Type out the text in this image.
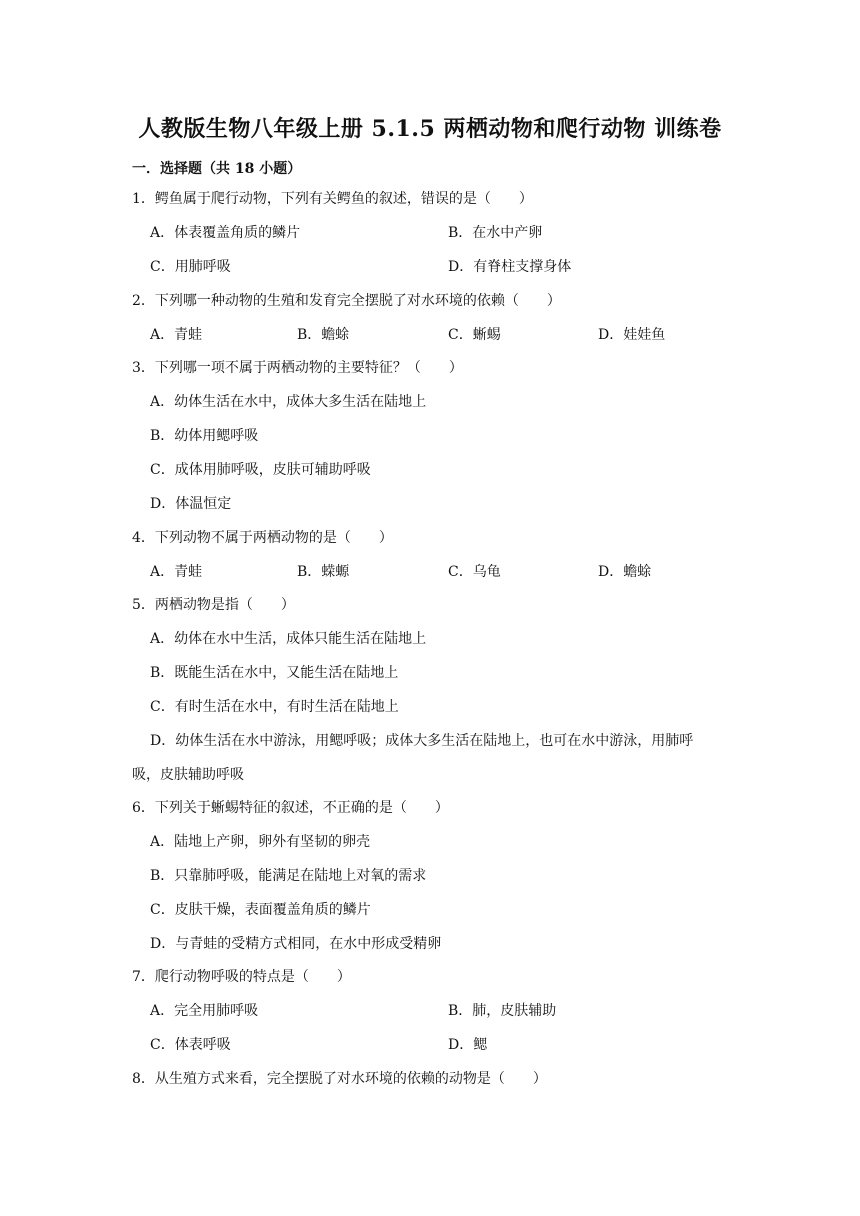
人教版生物八年级上册 5.1.5 两栖动物和爬行动物 训练卷
一．选择题（共 18 小题）
1．鳄鱼属于爬行动物，下列有关鳄鱼的叙述，错误的是（　　）
A．体表覆盖角质的鳞片	B．在水中产卵
C．用肺呼吸	D．有脊柱支撑身体
2．下列哪一种动物的生殖和发育完全摆脱了对水环境的依赖（　　）
A．青蛙	B．蟾蜍	C．蜥蜴	D．娃娃鱼
3．下列哪一项不属于两栖动物的主要特征？（　　）
A．幼体生活在水中，成体大多生活在陆地上
B．幼体用鳃呼吸
C．成体用肺呼吸，皮肤可辅助呼吸
D．体温恒定
4．下列动物不属于两栖动物的是（　　）
A．青蛙	B．蝾螈	C．乌龟	D．蟾蜍
5．两栖动物是指（　　）
A．幼体在水中生活，成体只能生活在陆地上
B．既能生活在水中，又能生活在陆地上
C．有时生活在水中，有时生活在陆地上
D．幼体生活在水中游泳，用鳃呼吸；成体大多生活在陆地上，也可在水中游泳，用肺呼
吸，皮肤辅助呼吸
6．下列关于蜥蜴特征的叙述，不正确的是（　　）
A．陆地上产卵，卵外有坚韧的卵壳
B．只靠肺呼吸，能满足在陆地上对氧的需求
C．皮肤干燥，表面覆盖角质的鳞片
D．与青蛙的受精方式相同，在水中形成受精卵
7．爬行动物呼吸的特点是（　　）
A．完全用肺呼吸	B．肺，皮肤辅助
C．体表呼吸	D．鳃
8．从生殖方式来看，完全摆脱了对水环境的依赖的动物是（　　）
